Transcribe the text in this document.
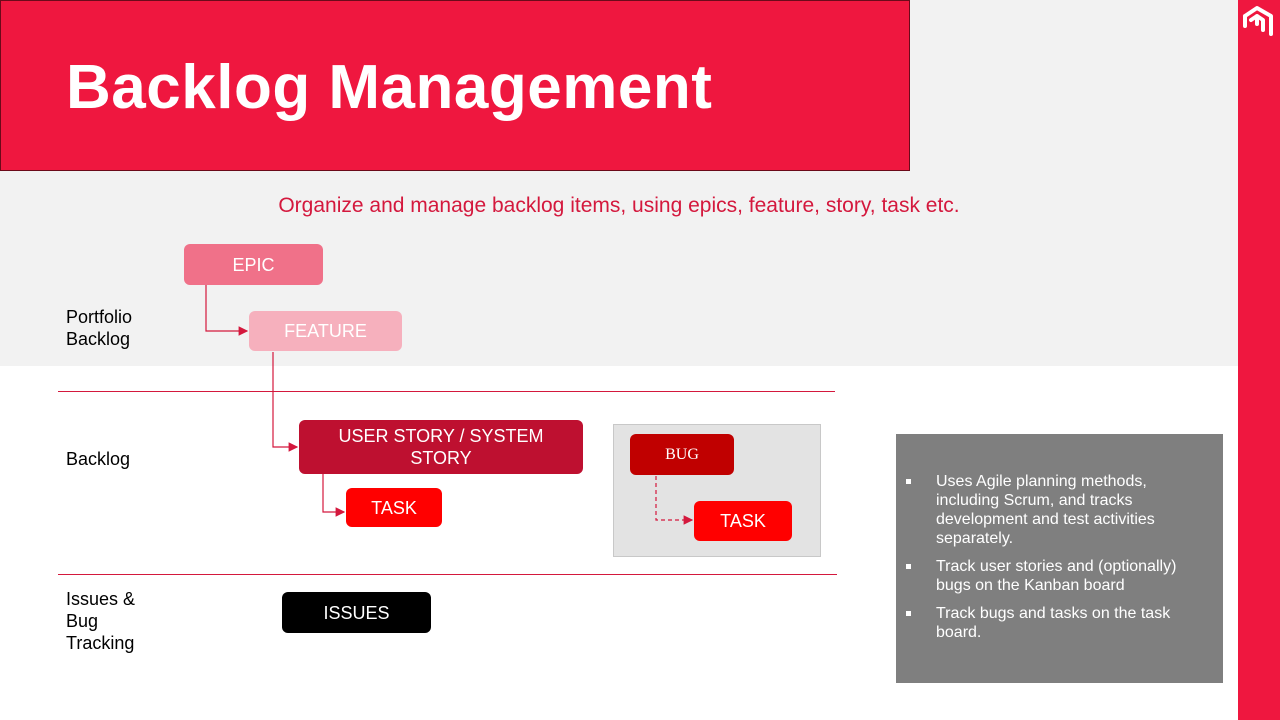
Backlog Management
Organize and manage backlog items, using epics, feature, story, task etc.
Portfolio
Backlog
Backlog
Issues &
Bug
Tracking
EPIC
FEATURE
USER STORY / SYSTEM STORY
TASK
BUG
TASK
ISSUES
Uses Agile planning methods, including Scrum, and tracks development and test activities separately.
Track user stories and (optionally) bugs on the Kanban board
Track bugs and tasks on the task board.
